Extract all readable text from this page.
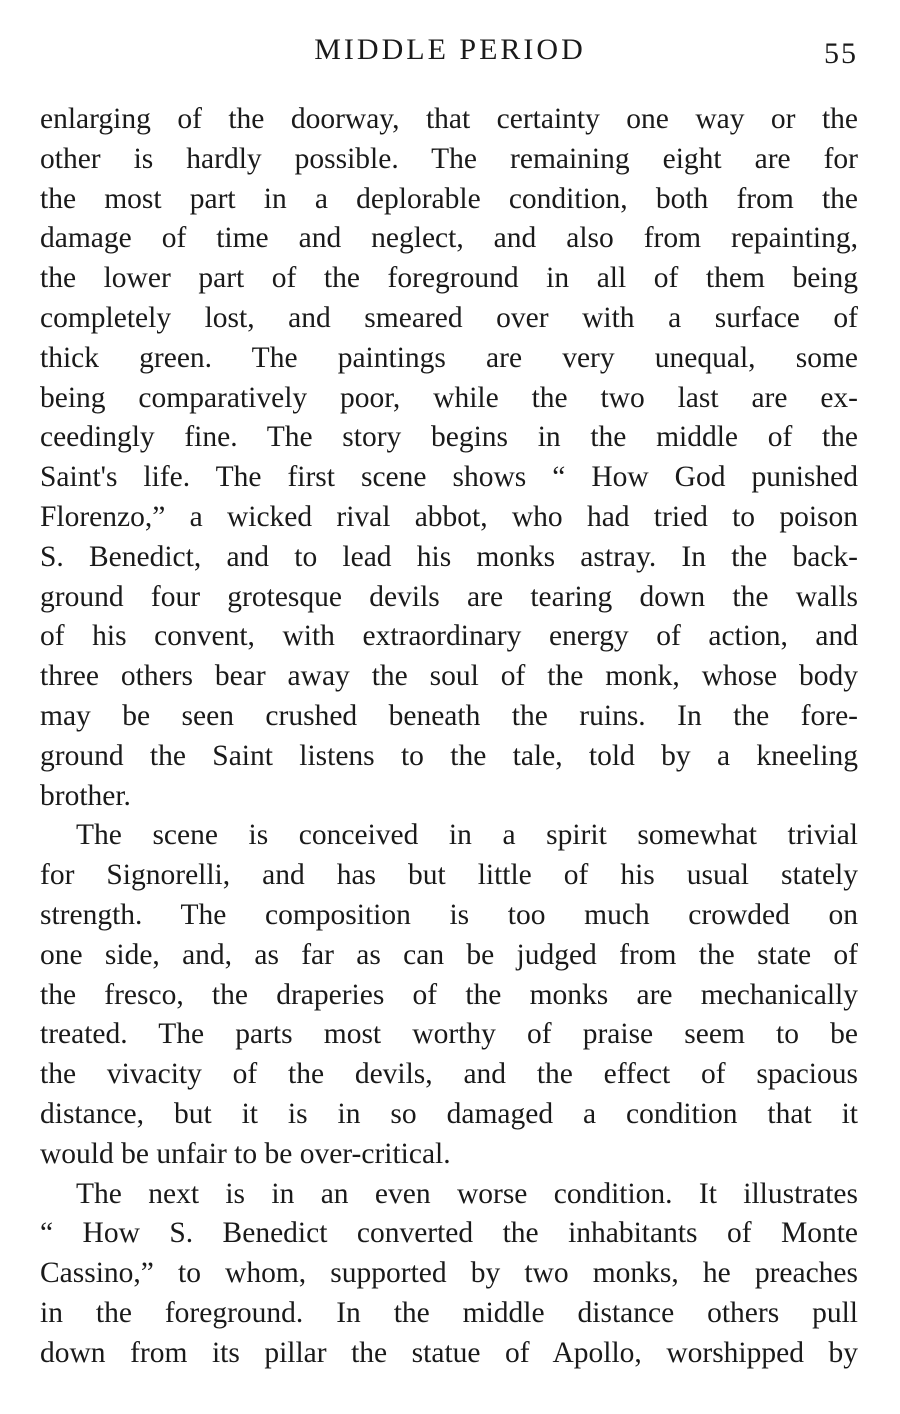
MIDDLE PERIOD	55
enlarging of the doorway, that certainty one way or the
other is hardly possible. The remaining eight are for
the most part in a deplorable condition, both from the
damage of time and neglect, and also from repainting,
the lower part of the foreground in all of them being
completely lost, and smeared over with a surface of
thick green. The paintings are very unequal, some
being comparatively poor, while the two last are ex-
ceedingly fine. The story begins in the middle of the
Saint's life. The first scene shows “ How God punished
Florenzo,” a wicked rival abbot, who had tried to poison
S. Benedict, and to lead his monks astray. In the back-
ground four grotesque devils are tearing down the walls
of his convent, with extraordinary energy of action, and
three others bear away the soul of the monk, whose body
may be seen crushed beneath the ruins. In the fore-
ground the Saint listens to the tale, told by a kneeling
brother.
The scene is conceived in a spirit somewhat trivial
for Signorelli, and has but little of his usual stately
strength. The composition is too much crowded on
one side, and, as far as can be judged from the state of
the fresco, the draperies of the monks are mechanically
treated. The parts most worthy of praise seem to be
the vivacity of the devils, and the effect of spacious
distance, but it is in so damaged a condition that it
would be unfair to be over-critical.
The next is in an even worse condition. It illustrates
“ How S. Benedict converted the inhabitants of Monte
Cassino,” to whom, supported by two monks, he preaches
in the foreground. In the middle distance others pull
down from its pillar the statue of Apollo, worshipped by
